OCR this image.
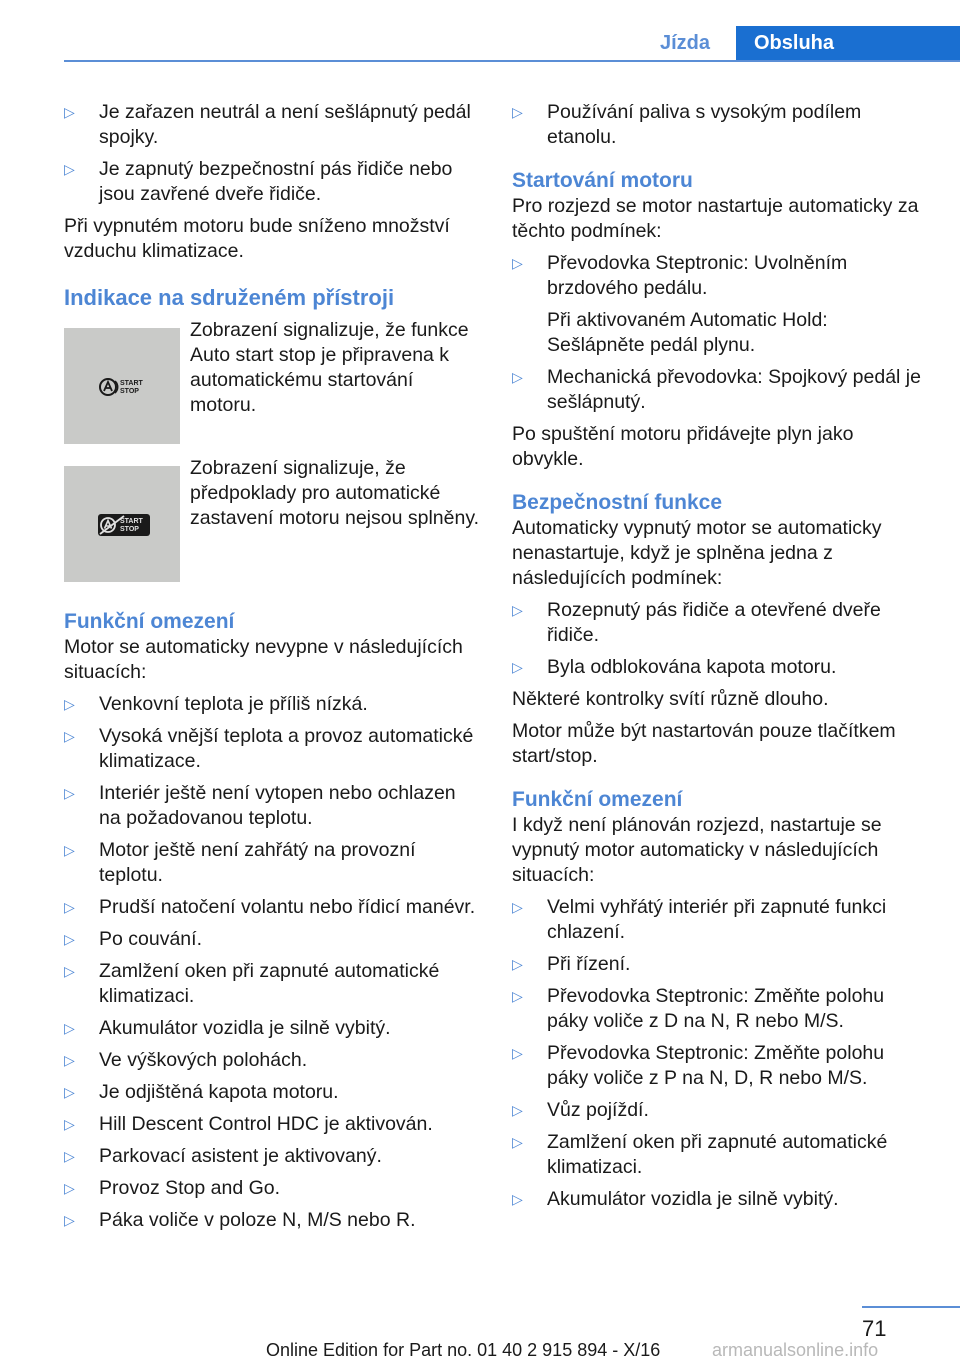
Jízda	Obsluha
▷	Je zařazen neutrál a není sešlápnutý pedál spojky.

▷	Je zapnutý bezpečnostní pás řidiče nebo jsou zavřené dveře řidiče.

Při vypnutém motoru bude sníženo množství vzduchu klimatizace.

Indikace na sdruženém přístroji
START
STOP

Zobrazení signalizuje, že funkce Auto start stop je připravena k automatickému startování motoru.

START
STOP

Zobrazení signalizuje, že předpoklady pro automatické zastavení motoru nejsou splněny.

Funkční omezení

Motor se automaticky nevypne v následujících situacích:

▷	Venkovní teplota je příliš nízká.

▷	Vysoká vnější teplota a provoz automatické klimatizace.

▷	Interiér ještě není vytopen nebo ochlazen na požadovanou teplotu.

▷	Motor ještě není zahřátý na provozní teplotu.

▷	Prudší natočení volantu nebo řídicí manévr.

▷	Po couvání.

▷	Zamlžení oken při zapnuté automatické klimatizaci.

▷	Akumulátor vozidla je silně vybitý.

▷	Ve výškových polohách.

▷	Je odjištěná kapota motoru.

▷	Hill Descent Control HDC je aktivován.

▷	Parkovací asistent je aktivovaný.

▷	Provoz Stop and Go.

▷	Páka voliče v poloze N, M/S nebo R.

▷	Používání paliva s vysokým podílem etanolu.

Startování motoru

Pro rozjezd se motor nastartuje automaticky za těchto podmínek:

▷	Převodovka Steptronic: Uvolněním brzdového pedálu.

Při aktivovaném Automatic Hold: Sešlápněte pedál plynu.

▷	Mechanická převodovka: Spojkový pedál je sešlápnutý.

Po spuštění motoru přidávejte plyn jako obvykle.

Bezpečnostní funkce

Automaticky vypnutý motor se automaticky nenastartuje, když je splněna jedna z následujících podmínek:

▷	Rozepnutý pás řidiče a otevřené dveře řidiče.

▷	Byla odblokována kapota motoru.

Některé kontrolky svítí různě dlouho.

Motor může být nastartován pouze tlačítkem start/stop.

Funkční omezení

I když není plánován rozjezd, nastartuje se vypnutý motor automaticky v následujících situacích:

▷	Velmi vyhřátý interiér při zapnuté funkci chlazení.

▷	Při řízení.

▷	Převodovka Steptronic: Změňte polohu páky voliče z D na N, R nebo M/S.

▷	Převodovka Steptronic: Změňte polohu páky voliče z P na N, D, R nebo M/S.

▷	Vůz pojíždí.

▷	Zamlžení oken při zapnuté automatické klimatizaci.

▷	Akumulátor vozidla je silně vybitý.

71
Online Edition for Part no. 01 40 2 915 894 - X/16	armanualsonline.info
